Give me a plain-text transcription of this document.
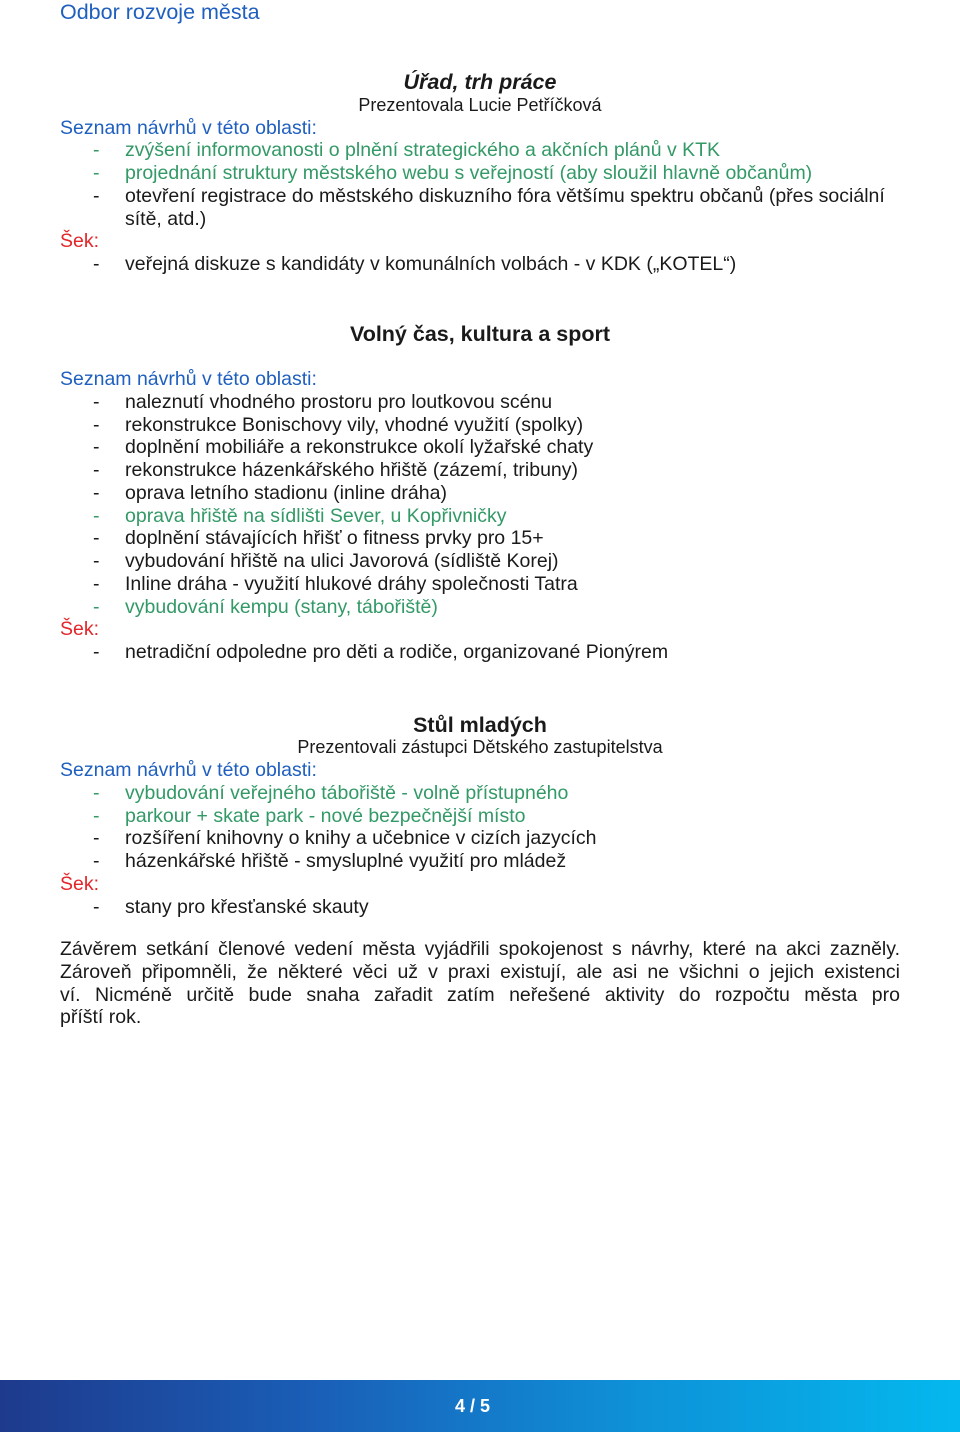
Odbor rozvoje města
Úřad, trh práce
Prezentovala Lucie Petříčková
Seznam návrhů v této oblasti:
- zvýšení informovanosti o plnění strategického a akčních plánů v KTK
- projednání struktury městského webu s veřejností (aby sloužil hlavně občanům)
- otevření registrace do městského diskuzního fóra většímu spektru občanů (přes sociální sítě, atd.)
Šek:
- veřejná diskuze s kandidáty v komunálních volbách - v KDK („KOTEL“)
Volný čas, kultura a sport
Seznam návrhů v této oblasti:
- naleznutí vhodného prostoru pro loutkovou scénu
- rekonstrukce Bonischovy vily, vhodné využití (spolky)
- doplnění mobiliáře a rekonstrukce okolí lyžařské chaty
- rekonstrukce házenkářského hřiště (zázemí, tribuny)
- oprava letního stadionu (inline dráha)
- oprava hřiště na sídlišti Sever, u Kopřivničky
- doplnění stávajících hřišť o fitness prvky pro 15+
- vybudování hřiště na ulici Javorová (sídliště Korej)
- Inline dráha - využití hlukové dráhy společnosti Tatra
- vybudování kempu (stany, tábořiště)
Šek:
- netradiční odpoledne pro děti a rodiče, organizované Pionýrem
Stůl mladých
Prezentovali zástupci Dětského zastupitelstva
Seznam návrhů v této oblasti:
- vybudování veřejného tábořiště - volně přístupného
- parkour + skate park - nové bezpečnější místo
- rozšíření knihovny o knihy a učebnice v cizích jazycích
- házenkářské hřiště - smysluplné využití pro mládež
Šek:
- stany pro křesťanské skauty
Závěrem setkání členové vedení města vyjádřili spokojenost s návrhy, které na akci zazněly.
Zároveň připomněli, že některé věci už v praxi existují, ale asi ne všichni o jejich existenci
ví. Nicméně určitě bude snaha zařadit zatím neřešené aktivity do rozpočtu města pro
příští rok.
4 / 5
